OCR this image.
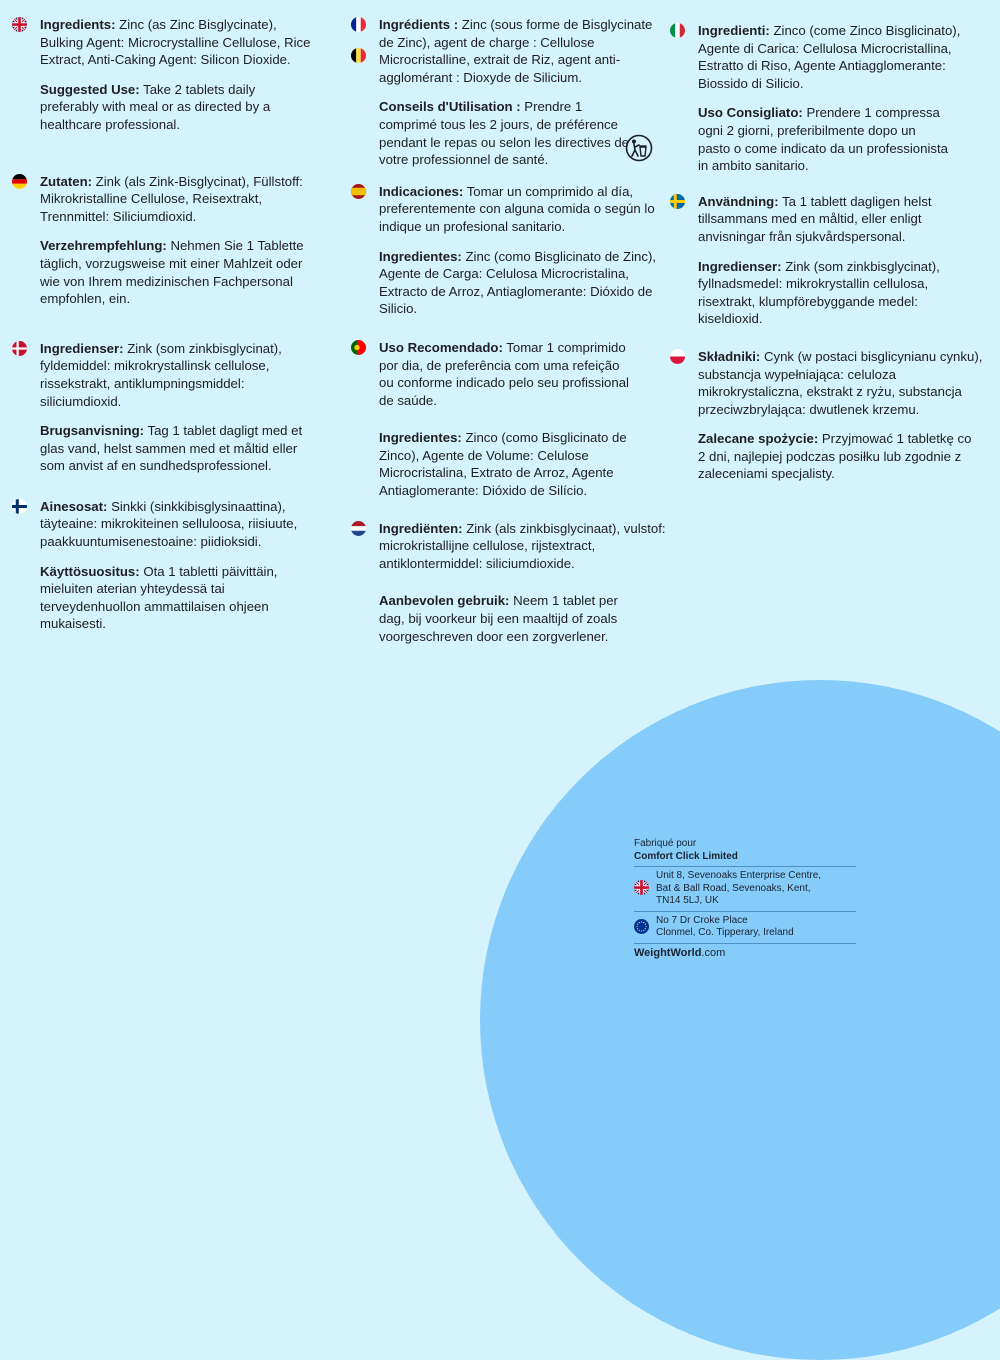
Ingredients: Zinc (as Zinc Bisglycinate), Bulking Agent: Microcrystalline Cellulose, Rice Extract, Anti-Caking Agent: Silicon Dioxide.

Suggested Use: Take 2 tablets daily preferably with meal or as directed by a healthcare professional.

Zutaten: Zink (als Zink-Bisglycinat), Füllstoff: Mikrokristalline Cellulose, Reisextrakt, Trennmittel: Siliciumdioxid.

Verzehrempfehlung: Nehmen Sie 1 Tablette täglich, vorzugsweise mit einer Mahlzeit oder wie von Ihrem medizinischen Fachpersonal empfohlen, ein.

Ingredienser: Zink (som zinkbisglycinat), fyldemiddel: mikrokrystallinsk cellulose, rissekstrakt, antiklumpningsmiddel: siliciumdioxid.

Brugsanvisning: Tag 1 tablet dagligt med et glas vand, helst sammen med et måltid eller som anvist af en sundhedsprofessionel.

Ainesosat: Sinkki (sinkkibisglysinaattina), täyteaine: mikrokiteinen selluloosa, riisiuute, paakkuuntumisenestoaine: piidioksidi.

Käyttösuositus: Ota 1 tabletti päivittäin, mieluiten aterian yhteydessä tai terveydenhuollon ammattilaisen ohjeen mukaisesti.

Ingrédients : Zinc (sous forme de Bisglycinate de Zinc), agent de charge : Cellulose Microcristalline, extrait de Riz, agent anti-agglomérant : Dioxyde de Silicium.

Conseils d'Utilisation : Prendre 1 comprimé tous les 2 jours, de préférence pendant le repas ou selon les directives de votre professionnel de santé.

Indicaciones: Tomar un comprimido al día, preferentemente con alguna comida o según lo indique un profesional sanitario.

Ingredientes: Zinc (como Bisglicinato de Zinc), Agente de Carga: Celulosa Microcristalina, Extracto de Arroz, Antiaglomerante: Dióxido de Silicio.

Uso Recomendado: Tomar 1 comprimido por dia, de preferência com uma refeição ou conforme indicado pelo seu profissional de saúde.

Ingredientes: Zinco (como Bisglicinato de Zinco), Agente de Volume: Celulose Microcristalina, Extrato de Arroz, Agente Antiaglomerante: Dióxido de Silício.

Ingrediënten: Zink (als zinkbisglycinaat), vulstof: microkristallijne cellulose, rijstextract, antiklontermiddel: siliciumdioxide.

Aanbevolen gebruik: Neem 1 tablet per dag, bij voorkeur bij een maaltijd of zoals voorgeschreven door een zorgverlener.

Ingredienti: Zinco (come Zinco Bisglicinato), Agente di Carica: Cellulosa Microcristallina, Estratto di Riso, Agente Antiagglomerante: Biossido di Silicio.

Uso Consigliato: Prendere 1 compressa ogni 2 giorni, preferibilmente dopo un pasto o come indicato da un professionista in ambito sanitario.

Användning: Ta 1 tablett dagligen helst tillsammans med en måltid, eller enligt anvisningar från sjukvårdspersonal.

Ingredienser: Zink (som zinkbisglycinat), fyllnadsmedel: mikrokrystallin cellulosa, risextrakt, klumpförebyggande medel: kiseldioxid.

Składniki: Cynk (w postaci bisglicynianu cynku), substancja wypełniająca: celuloza mikrokrystaliczna, ekstrakt z ryżu, substancja przeciwzbrylająca: dwutlenek krzemu.

Zalecane spożycie: Przyjmować 1 tabletkę co 2 dni, najlepiej podczas posiłku lub zgodnie z zaleceniami specjalisty.

Fabriqué pour
Comfort Click Limited
Unit 8, Sevenoaks Enterprise Centre,
Bat & Ball Road, Sevenoaks, Kent,
TN14 5LJ, UK
No 7 Dr Croke Place
Clonmel, Co. Tipperary, Ireland
WeightWorld.com
